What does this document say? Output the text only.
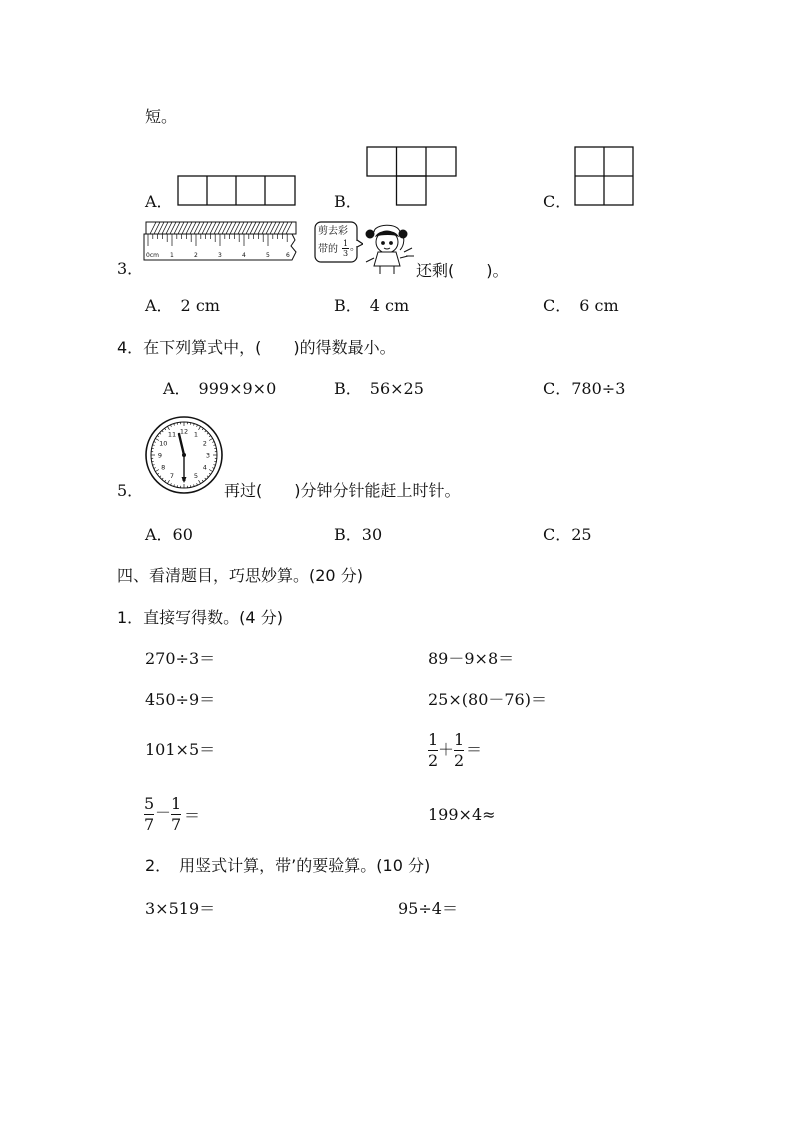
短。
A．	B．	C．
3．
0cm 1	2	3	4	5	6
剪去彩
带的 $\frac{1}{3}$ 。
还剩(　　)。
A．　2 cm	B．　4 cm	C．　6 cm
4．在下列算式中，(　　)的得数最小。
A．　999×9×0	B．　56×25	C．780÷3
5．
12 1
2
3
4
5
7
8
9
10
11
再过(　　)分钟分针能赶上时针。
A．60	B．30	C．25
四、看清题目，巧思妙算。(20 分)
1．直接写得数。(4 分)
270÷3＝	89－9×8＝
450÷9＝	25×(80－76)＝
101×5＝	$\frac{1}{2} + \frac{1}{2}$ ＝
$\frac{5}{7} - \frac{1}{7}$ ＝	199×4≈
2．　用竖式计算，带’的要验算。(10 分)
3×519＝	95÷4＝
